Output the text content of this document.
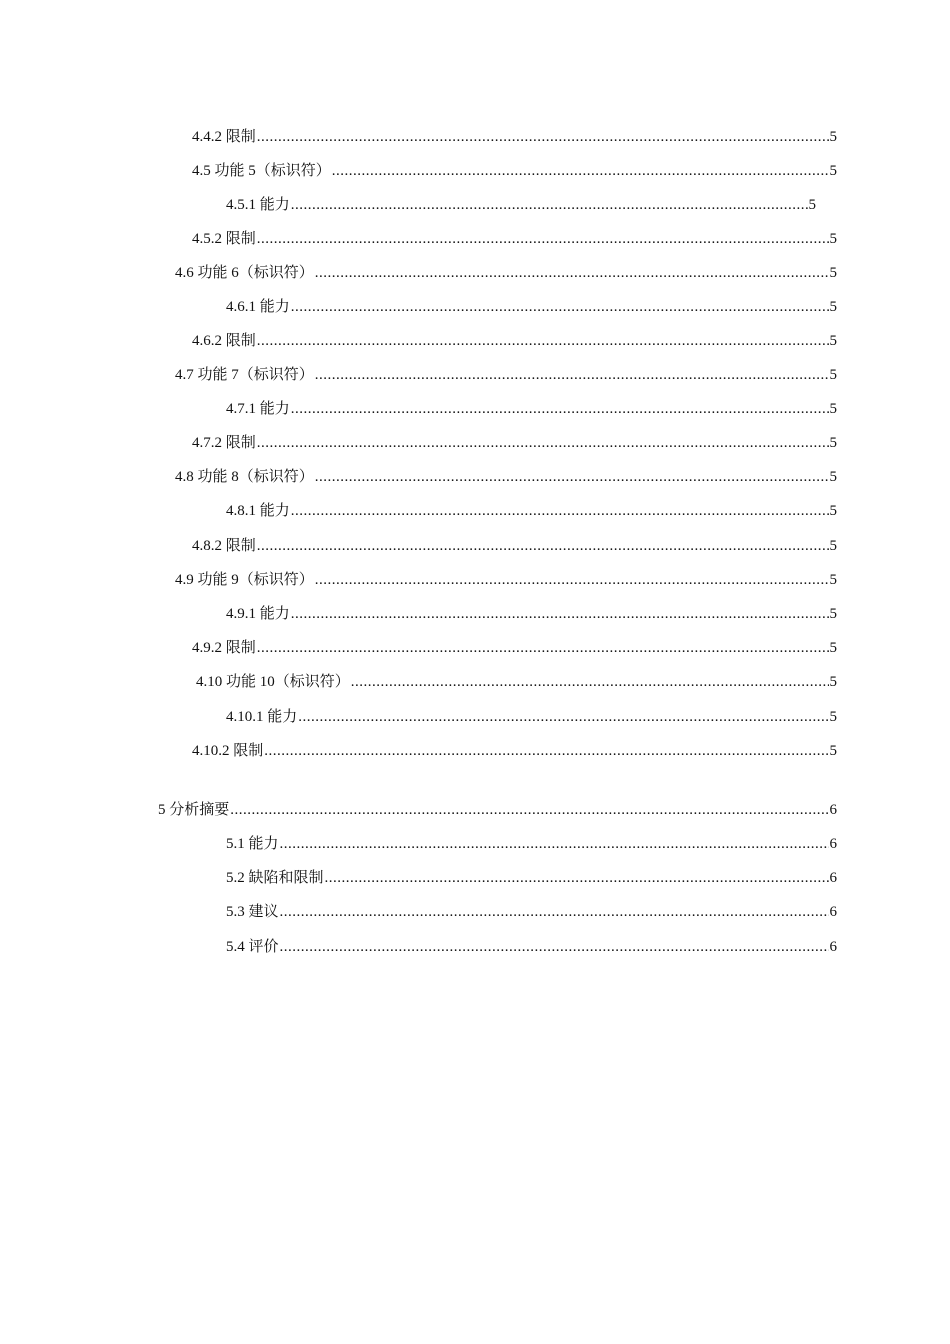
4.4.2 限制 .....	5
4.5 功能 5（标识符） .....	5
4.5.1 能力 .....	5
4.5.2 限制 .....	5
4.6 功能 6（标识符） .....	5
4.6.1 能力 .....	5
4.6.2 限制 .....	5
4.7 功能 7（标识符） .....	5
4.7.1 能力 .....	5
4.7.2 限制 .....	5
4.8 功能 8（标识符） .....	5
4.8.1 能力 .....	5
4.8.2 限制 .....	5
4.9 功能 9（标识符） .....	5
4.9.1 能力 .....	5
4.9.2 限制 .....	5
4.10 功能 10（标识符） .....	5
4.10.1 能力 .....	5
4.10.2 限制 .....	5
5 分析摘要 .....	6
5.1 能力 .....	6
5.2 缺陷和限制 .....	6
5.3 建议 .....	6
5.4 评价 .....	6
